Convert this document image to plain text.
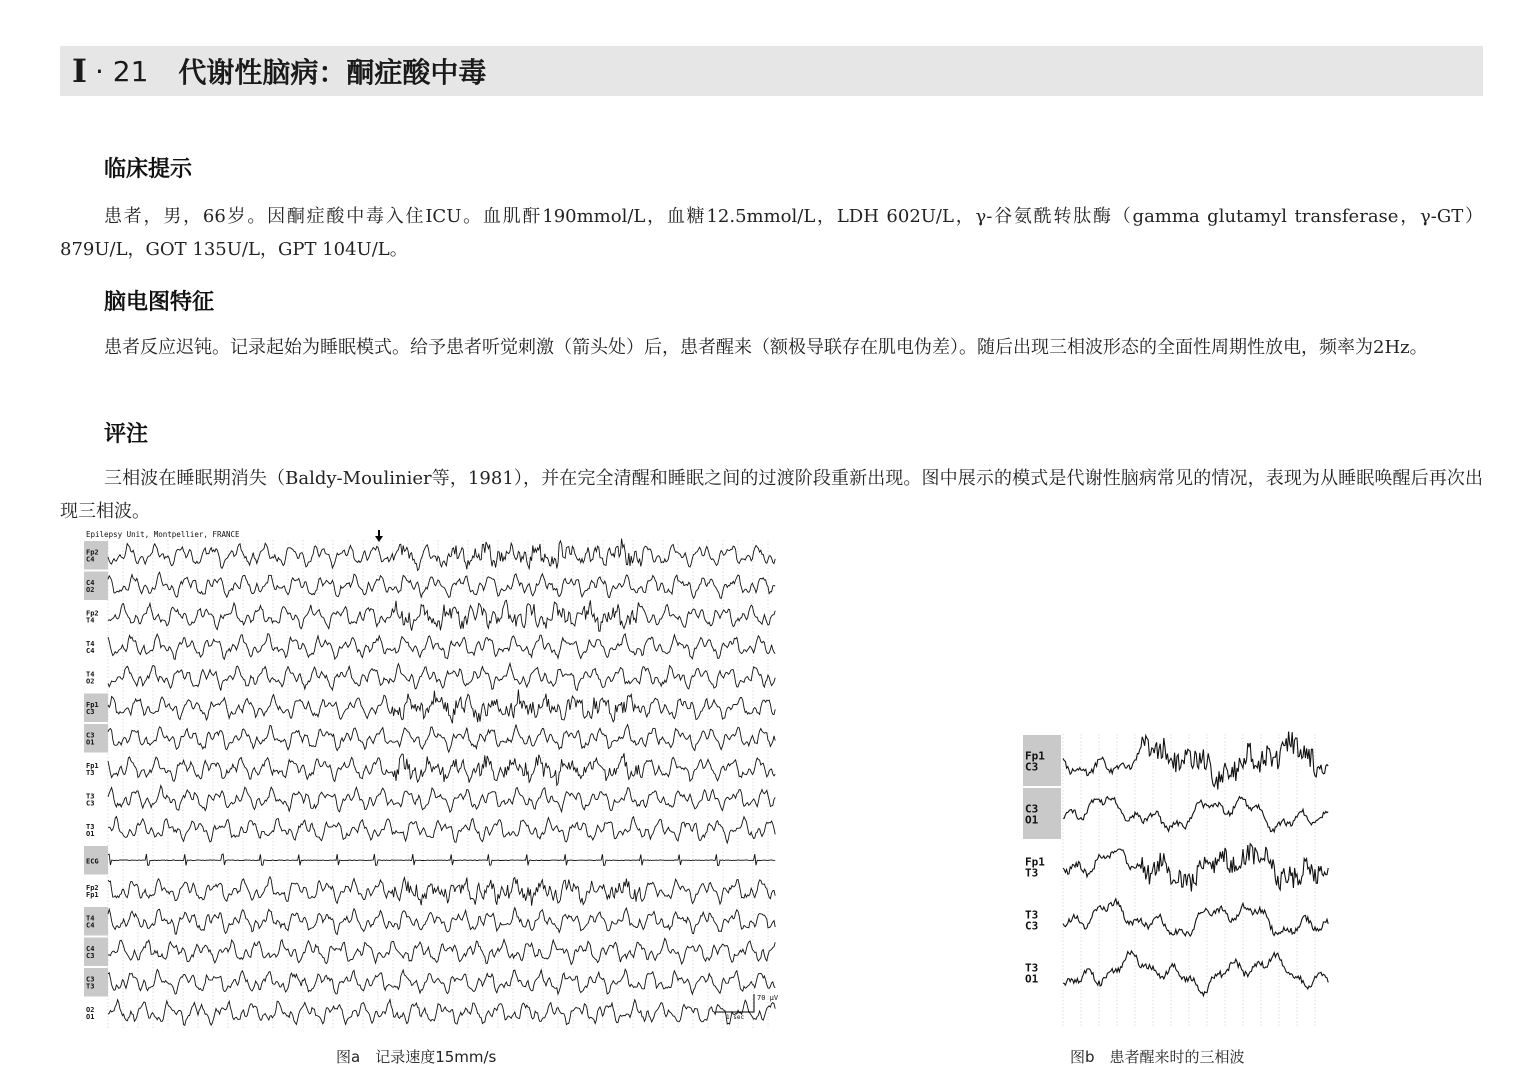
I · 21 代谢性脑病：酮症酸中毒
临床提示

患者，男，66岁。因酮症酸中毒入住ICU。血肌酐190mmol/L，血糖12.5mmol/L，LDH 602U/L，γ-谷氨酰转肽酶（gamma glutamyl transferase，γ-GT）879U/L，GOT 135U/L，GPT 104U/L。

脑电图特征

患者反应迟钝。记录起始为睡眠模式。给予患者听觉刺激（箭头处）后，患者醒来（额极导联存在肌电伪差）。随后出现三相波形态的全面性周期性放电，频率为2Hz。

评注

三相波在睡眠期消失（Baldy-Moulinier等，1981），并在完全清醒和睡眠之间的过渡阶段重新出现。图中展示的模式是代谢性脑病常见的情况，表现为从睡眠唤醒后再次出现三相波。

Epilepsy Unit, Montpellier, FRANCE
Fp2
C4
C4
O2
Fp2
T4
T4
C4
T4
O2
Fp1
C3
C3
O1
Fp1
T3
T3
C3
T3
O1
ECG
Fp2
Fp1
T4
C4
C4
C3
C3
T3
O2
O1
70 μV
1 sec
图a　记录速度15mm/s
Fp1
C3
C3
O1
Fp1
T3
T3
C3
T3
O1
图b　患者醒来时的三相波
